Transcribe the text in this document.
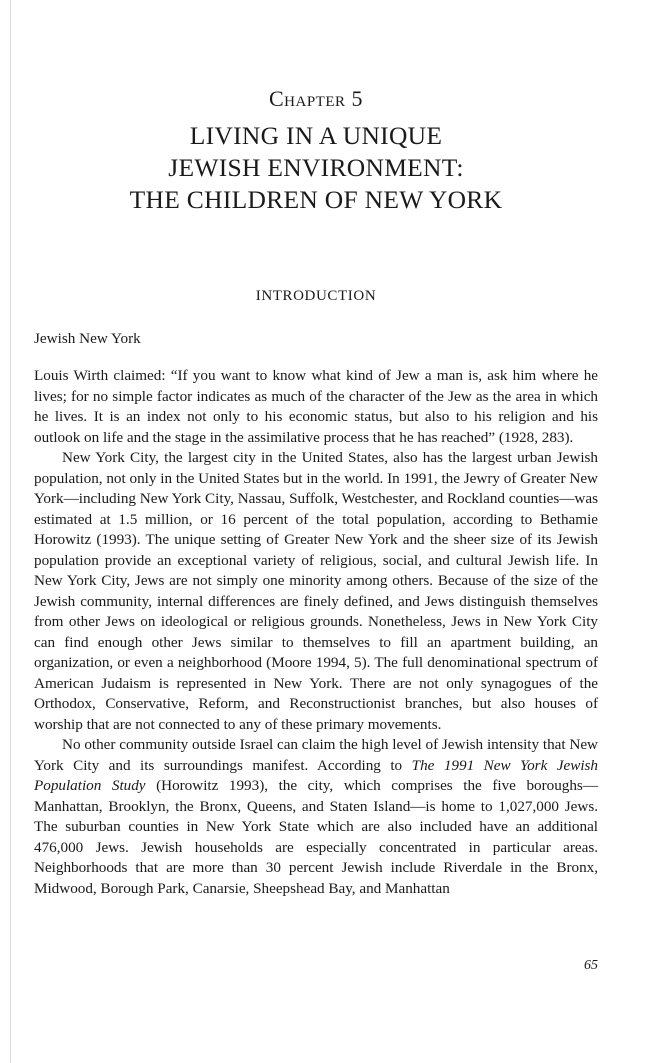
Chapter 5
LIVING IN A UNIQUE
JEWISH ENVIRONMENT:
THE CHILDREN OF NEW YORK
INTRODUCTION
Jewish New York

Louis Wirth claimed: “If you want to know what kind of Jew a man is, ask him where he lives; for no simple factor indicates as much of the character of the Jew as the area in which he lives. It is an index not only to his economic status, but also to his religion and his outlook on life and the stage in the assimilative process that he has reached” (1928, 283).

New York City, the largest city in the United States, also has the largest urban Jewish population, not only in the United States but in the world. In 1991, the Jewry of Greater New York—including New York City, Nassau, Suffolk, Westchester, and Rockland counties—was estimated at 1.5 million, or 16 percent of the total population, according to Bethamie Horowitz (1993). The unique setting of Greater New York and the sheer size of its Jewish population provide an exceptional variety of religious, social, and cultural Jewish life. In New York City, Jews are not simply one minority among others. Because of the size of the Jewish community, internal differences are finely defined, and Jews distinguish themselves from other Jews on ideological or religious grounds. Nonetheless, Jews in New York City can find enough other Jews similar to themselves to fill an apartment building, an organization, or even a neighborhood (Moore 1994, 5). The full denominational spectrum of American Judaism is represented in New York. There are not only synagogues of the Orthodox, Conservative, Reform, and Reconstructionist branches, but also houses of worship that are not connected to any of these primary movements.

No other community outside Israel can claim the high level of Jewish intensity that New York City and its surroundings manifest. According to The 1991 New York Jewish Population Study (Horowitz 1993), the city, which comprises the five boroughs—Manhattan, Brooklyn, the Bronx, Queens, and Staten Island—is home to 1,027,000 Jews. The suburban counties in New York State which are also included have an additional 476,000 Jews. Jewish households are especially concentrated in particular areas. Neighborhoods that are more than 30 percent Jewish include Riverdale in the Bronx, Midwood, Borough Park, Canarsie, Sheepshead Bay, and Manhattan

65
